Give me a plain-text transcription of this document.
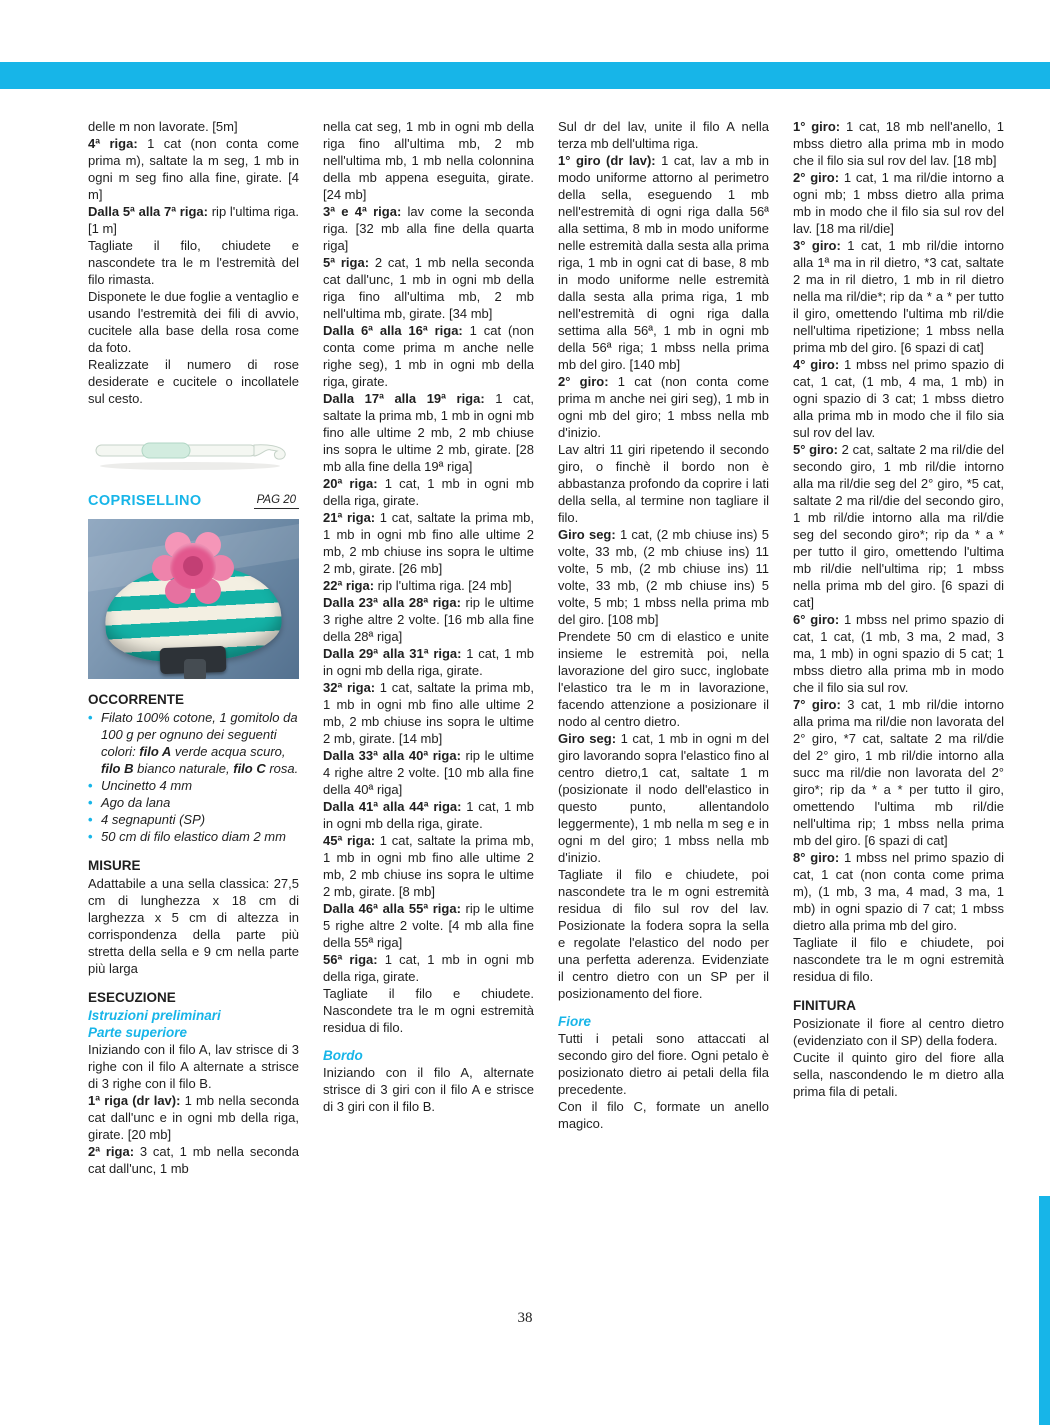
delle m non lavorate. [5m]

4ª riga: 1 cat (non conta come prima m), saltate la m seg, 1 mb in ogni m seg fino alla fine, girate. [4 m]

Dalla 5ª alla 7ª riga: rip l'ultima riga. [1 m]

Tagliate il filo, chiudete e nascondete tra le m l'estremità del filo rimasta.

Disponete le due foglie a ventaglio e usando l'estremità dei fili di avvio, cucitele alla base della rosa come da foto.

Realizzate il numero di rose desiderate e cucitele o incollatele sul cesto.

COPRISELLINO	PAG 20
OCCORRENTE

• Filato 100% cotone, 1 gomitolo da 100 g per ognuno dei seguenti colori: filo A verde acqua scuro, filo B bianco naturale, filo C rosa.

• Uncinetto 4 mm

• Ago da lana

• 4 segnapunti (SP)

• 50 cm di filo elastico diam 2 mm

MISURE

Adattabile a una sella classica: 27,5 cm di lunghezza x 18 cm di larghezza x 5 cm di altezza in corrispondenza della parte più stretta della sella e 9 cm nella parte più larga

ESECUZIONE
Istruzioni preliminari
Parte superiore

Iniziando con il filo A, lav strisce di 3 righe con il filo A alternate a strisce di 3 righe con il filo B.

1ª riga (dr lav): 1 mb nella seconda cat dall'unc e in ogni mb della riga, girate. [20 mb]

2ª riga: 3 cat, 1 mb nella seconda cat dall'unc, 1 mb

nella cat seg, 1 mb in ogni mb della riga fino all'ultima mb, 2 mb nell'ultima mb, 1 mb nella colonnina della mb appena eseguita, girate. [24 mb]

3ª e 4ª riga: lav come la seconda riga. [32 mb alla fine della quarta riga]

5ª riga: 2 cat, 1 mb nella seconda cat dall'unc, 1 mb in ogni mb della riga fino all'ultima mb, 2 mb nell'ultima mb, girate. [34 mb]

Dalla 6ª alla 16ª riga: 1 cat (non conta come prima m anche nelle righe seg), 1 mb in ogni mb della riga, girate.

Dalla 17ª alla 19ª riga: 1 cat, saltate la prima mb, 1 mb in ogni mb fino alle ultime 2 mb, 2 mb chiuse ins sopra le ultime 2 mb, girate. [28 mb alla fine della 19ª riga]

20ª riga: 1 cat, 1 mb in ogni mb della riga, girate.

21ª riga: 1 cat, saltate la prima mb, 1 mb in ogni mb fino alle ultime 2 mb, 2 mb chiuse ins sopra le ultime 2 mb, girate. [26 mb]

22ª riga: rip l'ultima riga. [24 mb]

Dalla 23ª alla 28ª riga: rip le ultime 3 righe altre 2 volte. [16 mb alla fine della 28ª riga]

Dalla 29ª alla 31ª riga: 1 cat, 1 mb in ogni mb della riga, girate.

32ª riga: 1 cat, saltate la prima mb, 1 mb in ogni mb fino alle ultime 2 mb, 2 mb chiuse ins sopra le ultime 2 mb, girate. [14 mb]

Dalla 33ª alla 40ª riga: rip le ultime 4 righe altre 2 volte. [10 mb alla fine della 40ª riga]

Dalla 41ª alla 44ª riga: 1 cat, 1 mb in ogni mb della riga, girate.

45ª riga: 1 cat, saltate la prima mb, 1 mb in ogni mb fino alle ultime 2 mb, 2 mb chiuse ins sopra le ultime 2 mb, girate. [8 mb]

Dalla 46ª alla 55ª riga: rip le ultime 5 righe altre 2 volte. [4 mb alla fine della 55ª riga]

56ª riga: 1 cat, 1 mb in ogni mb della riga, girate.

Tagliate il filo e chiudete. Nascondete tra le m ogni estremità residua di filo.

Bordo

Iniziando con il filo A, alternate strisce di 3 giri con il filo A e strisce di 3 giri con il filo B.

Sul dr del lav, unite il filo A nella terza mb dell'ultima riga.

1° giro (dr lav): 1 cat, lav a mb in modo uniforme attorno al perimetro della sella, eseguendo 1 mb nell'estremità di ogni riga dalla 56ª alla settima, 8 mb in modo uniforme nelle estremità dalla sesta alla prima riga, 1 mb in ogni cat di base, 8 mb in modo uniforme nelle estremità dalla sesta alla prima riga, 1 mb nell'estremità di ogni riga dalla settima alla 56ª, 1 mb in ogni mb della 56ª riga; 1 mbss nella prima mb del giro. [140 mb]

2° giro: 1 cat (non conta come prima m anche nei giri seg), 1 mb in ogni mb del giro; 1 mbss nella mb d'inizio.

Lav altri 11 giri ripetendo il secondo giro, o finchè il bordo non è abbastanza profondo da coprire i lati della sella, al termine non tagliare il filo.

Giro seg: 1 cat, (2 mb chiuse ins) 5 volte, 33 mb, (2 mb chiuse ins) 11 volte, 5 mb, (2 mb chiuse ins) 11 volte, 33 mb, (2 mb chiuse ins) 5 volte, 5 mb; 1 mbss nella prima mb del giro. [108 mb]

Prendete 50 cm di elastico e unite insieme le estremità poi, nella lavorazione del giro succ, inglobate l'elastico tra le m in lavorazione, facendo attenzione a posizionare il nodo al centro dietro.

Giro seg: 1 cat, 1 mb in ogni m del giro lavorando sopra l'elastico fino al centro dietro,1 cat, saltate 1 m (posizionate il nodo dell'elastico in questo punto, allentandolo leggermente), 1 mb nella m seg e in ogni m del giro; 1 mbss nella mb d'inizio.

Tagliate il filo e chiudete, poi nascondete tra le m ogni estremità residua di filo sul rov del lav. Posizionate la fodera sopra la sella e regolate l'elastico del nodo per una perfetta aderenza. Evidenziate il centro dietro con un SP per il posizionamento del fiore.

Fiore

Tutti i petali sono attaccati al secondo giro del fiore. Ogni petalo è posizionato dietro ai petali della fila precedente.

Con il filo C, formate un anello magico.

1° giro: 1 cat, 18 mb nell'anello, 1 mbss dietro alla prima mb in modo che il filo sia sul rov del lav. [18 mb]

2° giro: 1 cat, 1 ma ril/die intorno a ogni mb; 1 mbss dietro alla prima mb in modo che il filo sia sul rov del lav. [18 ma ril/die]

3° giro: 1 cat, 1 mb ril/die intorno alla 1ª ma in ril dietro, *3 cat, saltate 2 ma in ril dietro, 1 mb in ril dietro nella ma ril/die*; rip da * a * per tutto il giro, omettendo l'ultima mb ril/die nell'ultima ripetizione; 1 mbss nella prima mb del giro. [6 spazi di cat]

4° giro: 1 mbss nel primo spazio di cat, 1 cat, (1 mb, 4 ma, 1 mb) in ogni spazio di 3 cat; 1 mbss dietro alla prima mb in modo che il filo sia sul rov del lav.

5° giro: 2 cat, saltate 2 ma ril/die del secondo giro, 1 mb ril/die intorno alla ma ril/die seg del 2° giro, *5 cat, saltate 2 ma ril/die del secondo giro, 1 mb ril/die intorno alla ma ril/die seg del secondo giro*; rip da * a * per tutto il giro, omettendo l'ultima mb ril/die nell'ultima rip; 1 mbss nella prima mb del giro. [6 spazi di cat]

6° giro: 1 mbss nel primo spazio di cat, 1 cat, (1 mb, 3 ma, 2 mad, 3 ma, 1 mb) in ogni spazio di 5 cat; 1 mbss dietro alla prima mb in modo che il filo sia sul rov.

7° giro: 3 cat, 1 mb ril/die intorno alla prima ma ril/die non lavorata del 2° giro, *7 cat, saltate 2 ma ril/die del 2° giro, 1 mb ril/die intorno alla succ ma ril/die non lavorata del 2° giro*; rip da * a * per tutto il giro, omettendo l'ultima mb ril/die nell'ultima rip; 1 mbss nella prima mb del giro. [6 spazi di cat]

8° giro: 1 mbss nel primo spazio di cat, 1 cat (non conta come prima m), (1 mb, 3 ma, 4 mad, 3 ma, 1 mb) in ogni spazio di 7 cat; 1 mbss dietro alla prima mb del giro.

Tagliate il filo e chiudete, poi nascondete tra le m ogni estremità residua di filo.

FINITURA

Posizionate il fiore al centro dietro (evidenziato con il SP) della fodera.

Cucite il quinto giro del fiore alla sella, nascondendo le m dietro alla prima fila di petali.

38
